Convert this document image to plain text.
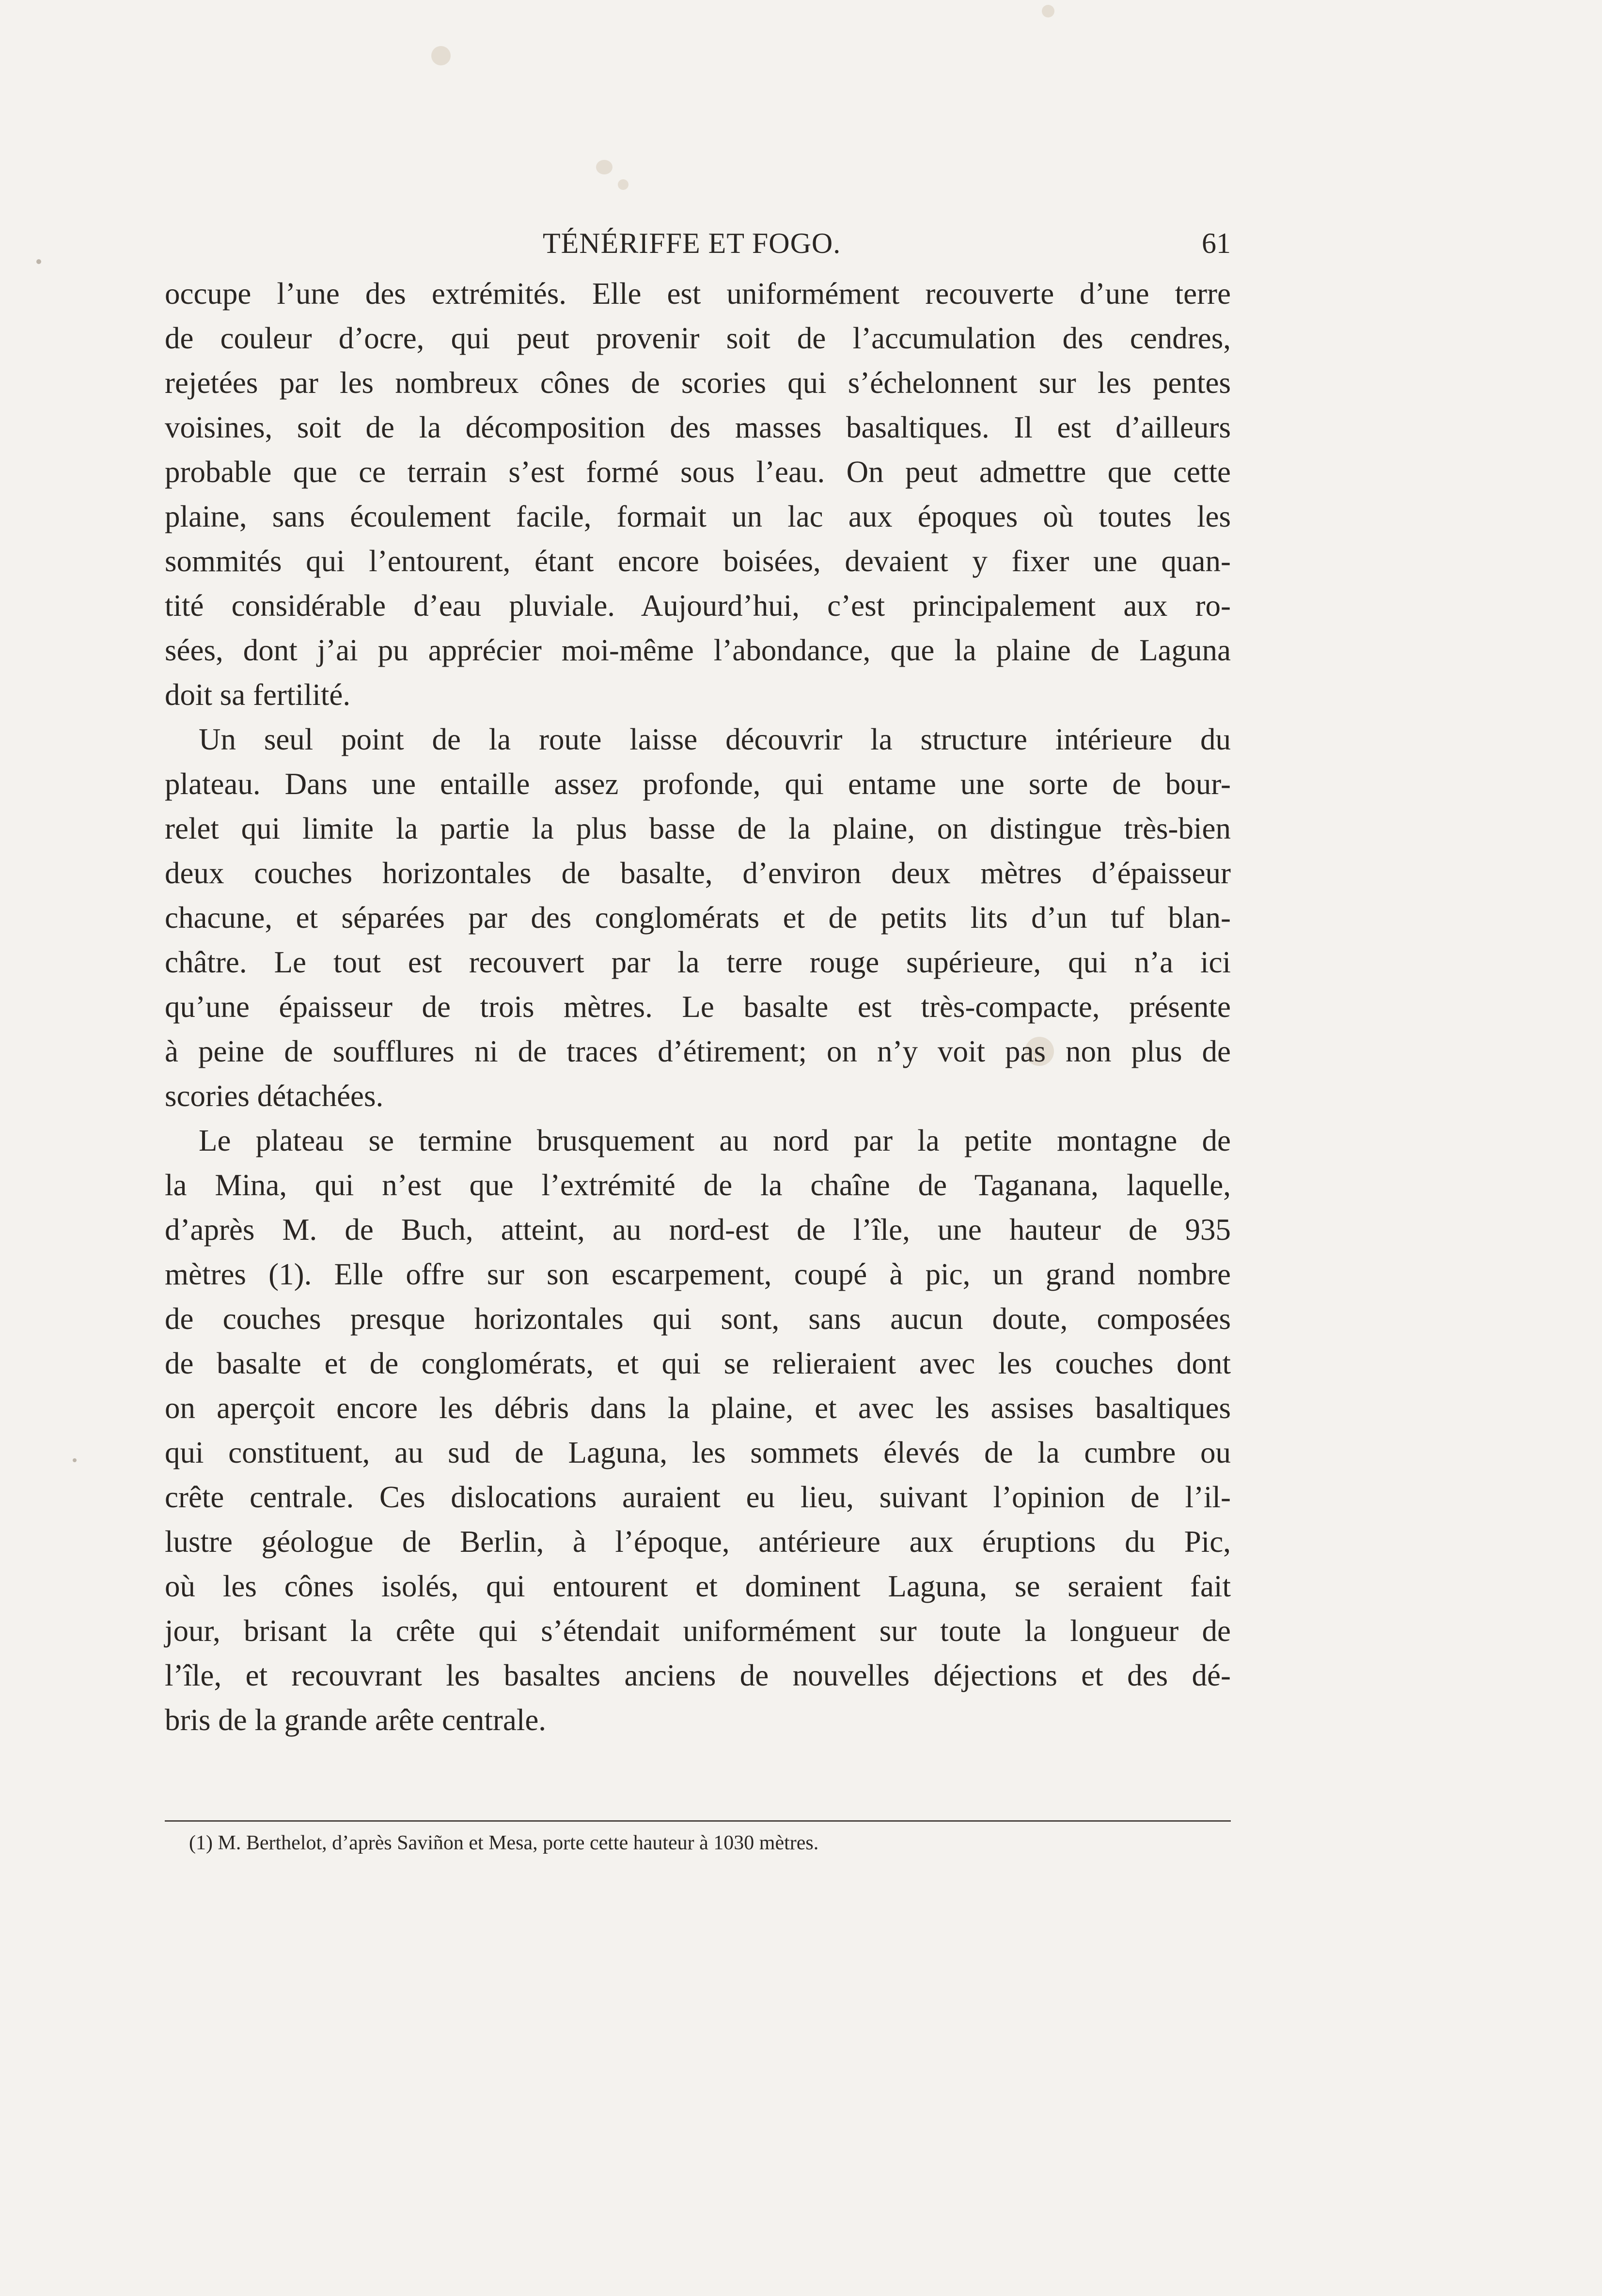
TÉNÉRIFFE ET FOGO.	61
occupe l’une des extrémités. Elle est uniformément recouverte d’une terre
de couleur d’ocre, qui peut provenir soit de l’accumulation des cendres,
rejetées par les nombreux cônes de scories qui s’échelonnent sur les pentes
voisines, soit de la décomposition des masses basaltiques. Il est d’ailleurs
probable que ce terrain s’est formé sous l’eau. On peut admettre que cette
plaine, sans écoulement facile, formait un lac aux époques où toutes les
sommités qui l’entourent, étant encore boisées, devaient y fixer une quan-
tité considérable d’eau pluviale. Aujourd’hui, c’est principalement aux ro-
sées, dont j’ai pu apprécier moi-même l’abondance, que la plaine de Laguna
doit sa fertilité.
Un seul point de la route laisse découvrir la structure intérieure du
plateau. Dans une entaille assez profonde, qui entame une sorte de bour-
relet qui limite la partie la plus basse de la plaine, on distingue très-bien
deux couches horizontales de basalte, d’environ deux mètres d’épaisseur
chacune, et séparées par des conglomérats et de petits lits d’un tuf blan-
châtre. Le tout est recouvert par la terre rouge supérieure, qui n’a ici
qu’une épaisseur de trois mètres. Le basalte est très-compacte, présente
à peine de soufflures ni de traces d’étirement; on n’y voit pas non plus de
scories détachées.
Le plateau se termine brusquement au nord par la petite montagne de
la Mina, qui n’est que l’extrémité de la chaîne de Taganana, laquelle,
d’après M. de Buch, atteint, au nord-est de l’île, une hauteur de 935
mètres (1). Elle offre sur son escarpement, coupé à pic, un grand nombre
de couches presque horizontales qui sont, sans aucun doute, composées
de basalte et de conglomérats, et qui se relieraient avec les couches dont
on aperçoit encore les débris dans la plaine, et avec les assises basaltiques
qui constituent, au sud de Laguna, les sommets élevés de la cumbre ou
crête centrale. Ces dislocations auraient eu lieu, suivant l’opinion de l’il-
lustre géologue de Berlin, à l’époque, antérieure aux éruptions du Pic,
où les cônes isolés, qui entourent et dominent Laguna, se seraient fait
jour, brisant la crête qui s’étendait uniformément sur toute la longueur de
l’île, et recouvrant les basaltes anciens de nouvelles déjections et des dé-
bris de la grande arête centrale.
(1) M. Berthelot, d’après Saviñon et Mesa, porte cette hauteur à 1030 mètres.
